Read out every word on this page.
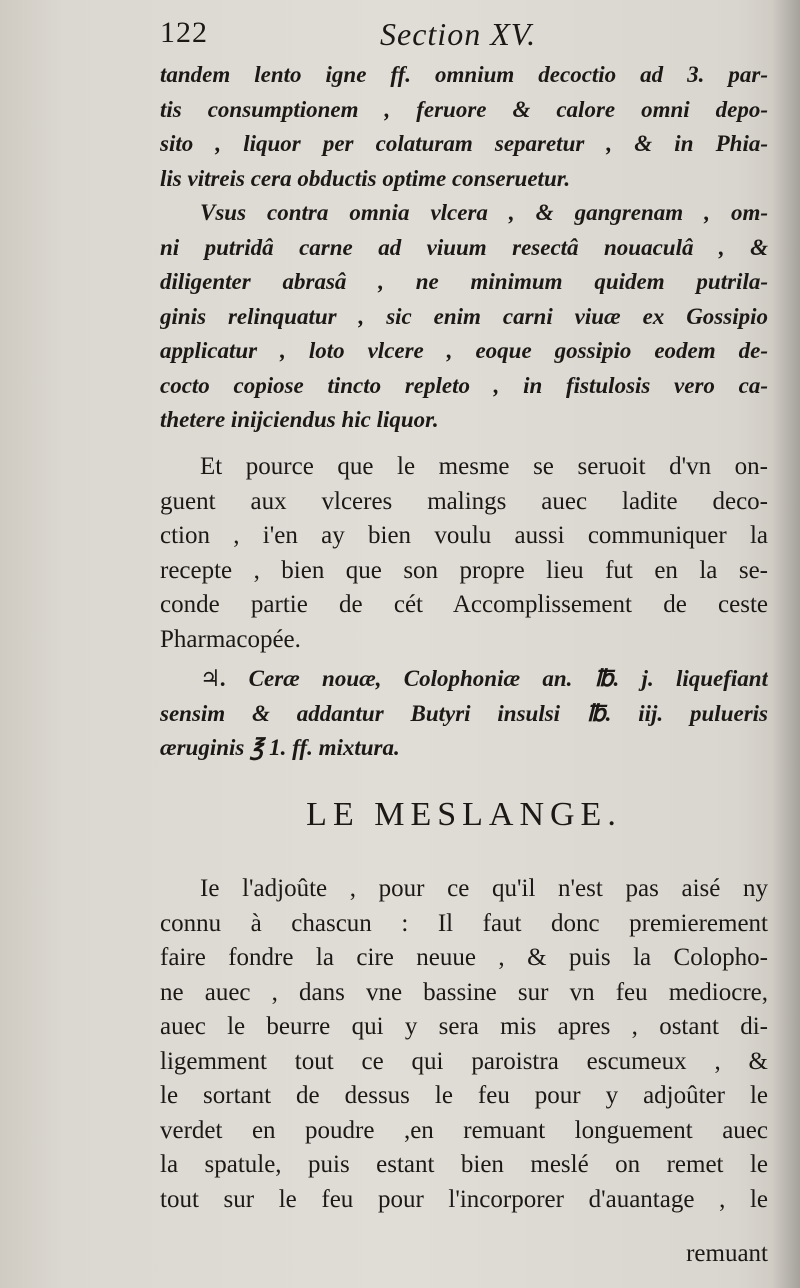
122	Section XV.
tandem lento igne ff. omnium decoctio ad 3. par-
tis consumptionem , feruore & calore omni depo-
sito , liquor per colaturam separetur , & in Phia-
lis vitreis cera obductis optime conseruetur.
Vsus contra omnia vlcera , & gangrenam , om-
ni putridâ carne ad viuum resectâ nouaculâ , &
diligenter abrasâ , ne minimum quidem putrila-
ginis relinquatur , sic enim carni viuæ ex Gossipio
applicatur , loto vlcere , eoque gossipio eodem de-
cocto copiose tincto repleto , in fistulosis vero ca-
thetere inijciendus hic liquor.
Et pource que le mesme se seruoit d'vn on-
guent aux vlceres malings auec ladite deco-
ction , i'en ay bien voulu aussi communiquer la
recepte , bien que son propre lieu fut en la se-
conde partie de cét Accomplissement de ceste
Pharmacopée.
♃. Ceræ nouæ, Colophoniæ an. ℔. j. liquefiant
sensim & addantur Butyri insulsi ℔. iij. pulueris
æruginis ℥ 1. ff. mixtura.
LE MESLANGE.
Ie l'adjoûte , pour ce qu'il n'est pas aisé ny
connu à chascun : Il faut donc premierement
faire fondre la cire neuue , & puis la Colopho-
ne auec , dans vne bassine sur vn feu mediocre,
auec le beurre qui y sera mis apres , ostant di-
ligemment tout ce qui paroistra escumeux , &
le sortant de dessus le feu pour y adjoûter le
verdet en poudre ,en remuant longuement auec
la spatule, puis estant bien meslé on remet le
tout sur le feu pour l'incorporer d'auantage , le
remuant
